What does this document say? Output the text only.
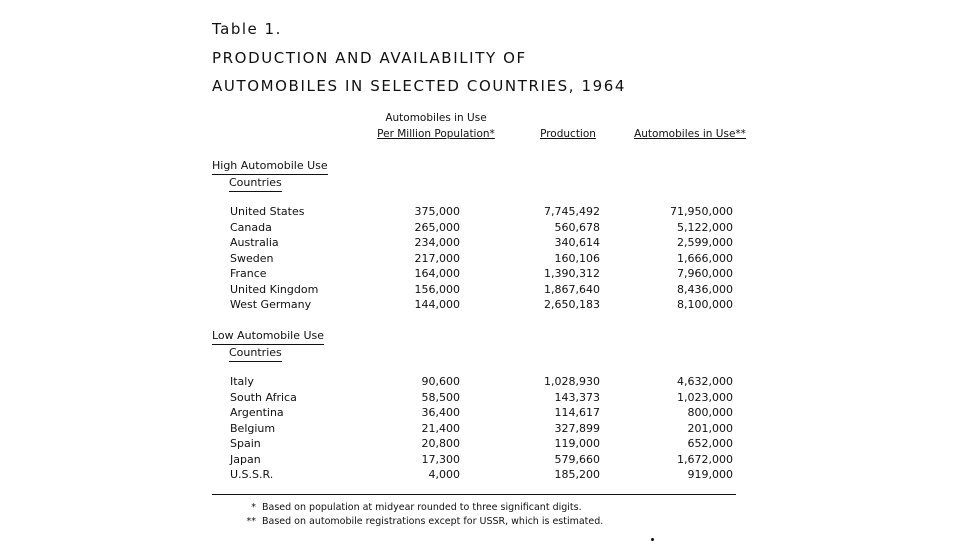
Table 1.
PRODUCTION AND AVAILABILITY OF
AUTOMOBILES IN SELECTED COUNTRIES, 1964
Automobiles in Use
Per Million Population*	Production	Automobiles in Use**
High Automobile Use
Countries
United States	375,000	7,745,492	71,950,000
Canada	265,000	560,678	5,122,000
Australia	234,000	340,614	2,599,000
Sweden	217,000	160,106	1,666,000
France	164,000	1,390,312	7,960,000
United Kingdom	156,000	1,867,640	8,436,000
West Germany	144,000	2,650,183	8,100,000
Low Automobile Use
Countries
Italy	90,600	1,028,930	4,632,000
South Africa	58,500	143,373	1,023,000
Argentina	36,400	114,617	800,000
Belgium	21,400	327,899	201,000
Spain	20,800	119,000	652,000
Japan	17,300	579,660	1,672,000
U.S.S.R.	4,000	185,200	919,000
* Based on population at midyear rounded to three significant digits.
** Based on automobile registrations except for USSR, which is estimated.
